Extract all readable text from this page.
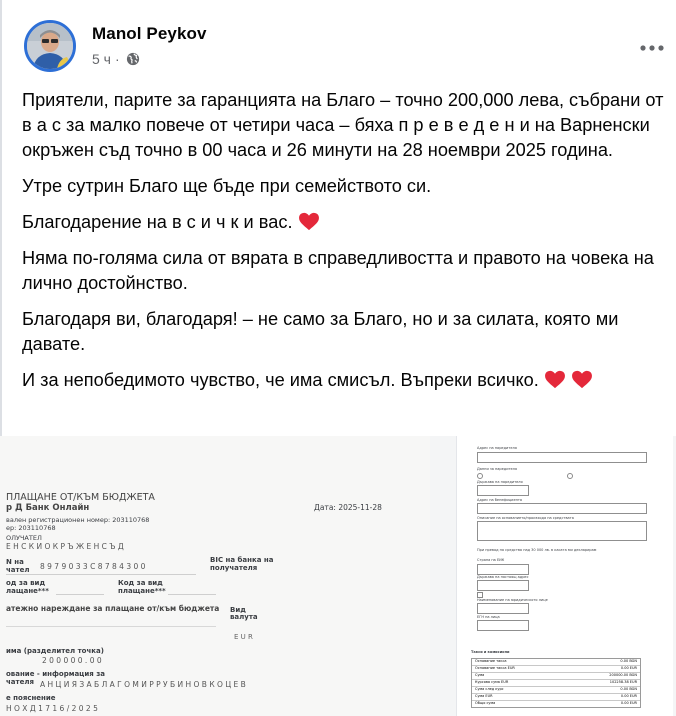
Manol Peykov
5 ч ·

Приятели, парите за гаранцията на Благо – точно 200,000 лева, събрани от в а с за малко повече от четири часа – бяха п р е в е д е н и на Варненски окръжен съд точно в 00 часа и 26 минути на 28 ноември 2025 година.

Утре сутрин Благо ще бъде при семейството си.

Благодарение на в с и ч к и вас.

Няма по-голяма сила от вярата в справедливостта и правото на човека на лично достойнство.

Благодаря ви, благодаря! – не само за Благо, но и за силата, която ми давате.

И за непобедимото чувство, че има смисъл. Въпреки всичко.

ПЛАЩАНЕ ОТ/КЪМ БЮДЖЕТА
р Д Банк Онлайн	Дата: 2025-11-28
вален регистрационен номер: 203110768
ер: 203110768
ОЛУЧАТЕЛ
Е Н С К И О К Р Ъ Ж Е Н С Ъ Д
N на
чател 8 9 7 9 0 3 3 С 8 7 8 4 3 0 0
BIC на банка на
получателя
од за вид
лащане***
Код за вид
плащане***
атежно нареждане за плащане от/към бюджета Вид
валута
E U R
има (разделител точка)
2 0 0 0 0 0 . 0 0
ование - информация за
чателя А Н Ц И Я З А Б Л А Г О М И Р Р У Б И Н О В К О Ц Е В
е пояснение
Н О Х Д 1 7 1 6 / 2 0 2 5
Адрес на наредителя
Данни за наредителя
Държава на наредителя
Адрес на бенефициента
Описание на основанието/произхода на средствата
При превод на средства над 30 000 лв. в касата ми декларирам
Страна на ЕИК
Държава на настоящ адрес
Наименование на юридическото лице
ЕГН на лица
Такси и комисиони
Основание такса	0.00 BGN
Основание такса EUR	0.00 EUR
Сума	200000.00 BGN
Курсова сума EUR	102258.38 EUR
Сума след курс	0.00 BGN
Сума EUR	0.00 EUR
Общо сума	0.00 EUR
